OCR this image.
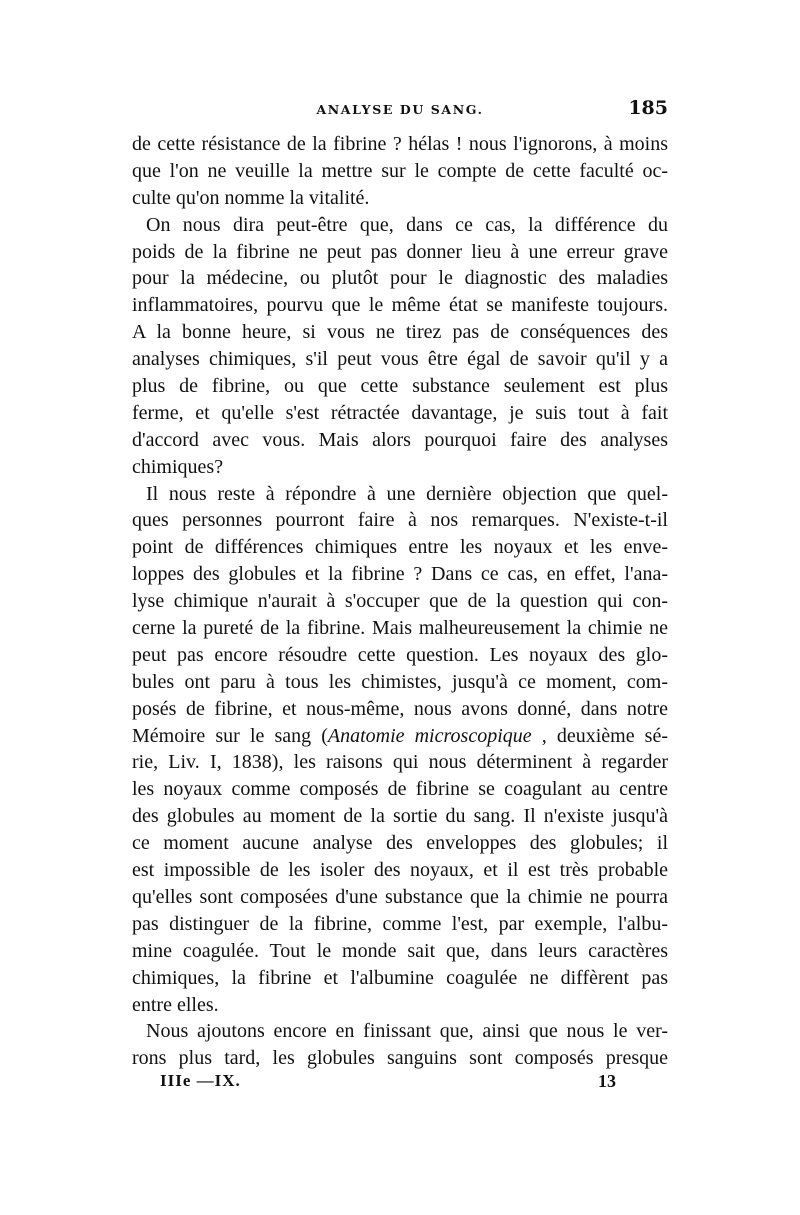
ANALYSE DU SANG.	185
de cette résistance de la fibrine ? hélas ! nous l'ignorons, à moins
que l'on ne veuille la mettre sur le compte de cette faculté oc-
culte qu'on nomme la vitalité.
On nous dira peut-être que, dans ce cas, la différence du
poids de la fibrine ne peut pas donner lieu à une erreur grave
pour la médecine, ou plutôt pour le diagnostic des maladies
inflammatoires, pourvu que le même état se manifeste toujours.
A la bonne heure, si vous ne tirez pas de conséquences des
analyses chimiques, s'il peut vous être égal de savoir qu'il y a
plus de fibrine, ou que cette substance seulement est plus
ferme, et qu'elle s'est rétractée davantage, je suis tout à fait
d'accord avec vous. Mais alors pourquoi faire des analyses
chimiques?
Il nous reste à répondre à une dernière objection que quel-
ques personnes pourront faire à nos remarques. N'existe-t-il
point de différences chimiques entre les noyaux et les enve-
loppes des globules et la fibrine ? Dans ce cas, en effet, l'ana-
lyse chimique n'aurait à s'occuper que de la question qui con-
cerne la pureté de la fibrine. Mais malheureusement la chimie ne
peut pas encore résoudre cette question. Les noyaux des glo-
bules ont paru à tous les chimistes, jusqu'à ce moment, com-
posés de fibrine, et nous-même, nous avons donné, dans notre
Mémoire sur le sang (Anatomie microscopique , deuxième sé-
rie, Liv. I, 1838), les raisons qui nous déterminent à regarder
les noyaux comme composés de fibrine se coagulant au centre
des globules au moment de la sortie du sang. Il n'existe jusqu'à
ce moment aucune analyse des enveloppes des globules; il
est impossible de les isoler des noyaux, et il est très probable
qu'elles sont composées d'une substance que la chimie ne pourra
pas distinguer de la fibrine, comme l'est, par exemple, l'albu-
mine coagulée. Tout le monde sait que, dans leurs caractères
chimiques, la fibrine et l'albumine coagulée ne diffèrent pas
entre elles.
Nous ajoutons encore en finissant que, ainsi que nous le ver-
rons plus tard, les globules sanguins sont composés presque
IIIe —IX.	13
